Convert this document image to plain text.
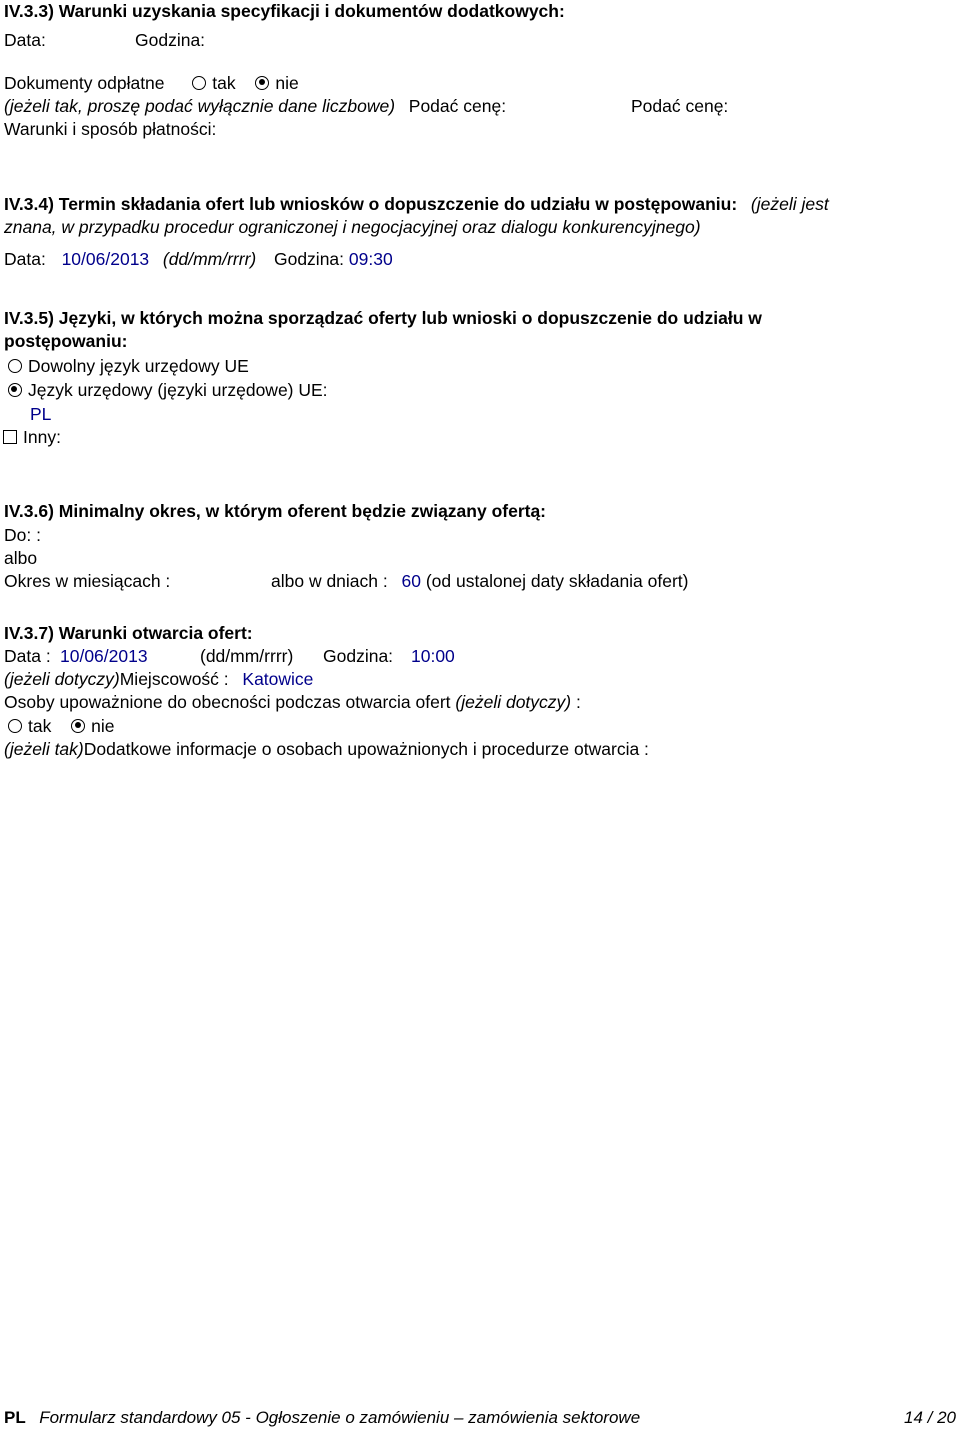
IV.3.3) Warunki uzyskania specyfikacji i dokumentów dodatkowych:
Data:	Godzina:
Dokumenty odpłatne	tak nie
(jeżeli tak, proszę podać wyłącznie dane liczbowe) Podać cenę:	Podać cenę:
Warunki i sposób płatności:
IV.3.4) Termin składania ofert lub wniosków o dopuszczenie do udziału w postępowaniu: (jeżeli jest
znana, w przypadku procedur ograniczonej i negocjacyjnej oraz dialogu konkurencyjnego)
Data: 10/06/2013 (dd/mm/rrrr) Godzina: 09:30
IV.3.5) Języki, w których można sporządzać oferty lub wnioski o dopuszczenie do udziału w
postępowaniu:
Dowolny język urzędowy UE
Język urzędowy (języki urzędowe) UE:
PL
Inny:
IV.3.6) Minimalny okres, w którym oferent będzie związany ofertą:
Do: :
albo
Okres w miesiącach :	albo w dniach : 60 (od ustalonej daty składania ofert)
IV.3.7) Warunki otwarcia ofert:
Data : 10/06/2013	(dd/mm/rrrr) Godzina: 10:00
(jeżeli dotyczy)Miejscowość : Katowice
Osoby upoważnione do obecności podczas otwarcia ofert (jeżeli dotyczy) :
tak nie
(jeżeli tak)Dodatkowe informacje o osobach upoważnionych i procedurze otwarcia :
PL Formularz standardowy 05 - Ogłoszenie o zamówieniu – zamówienia sektorowe	14 / 20
